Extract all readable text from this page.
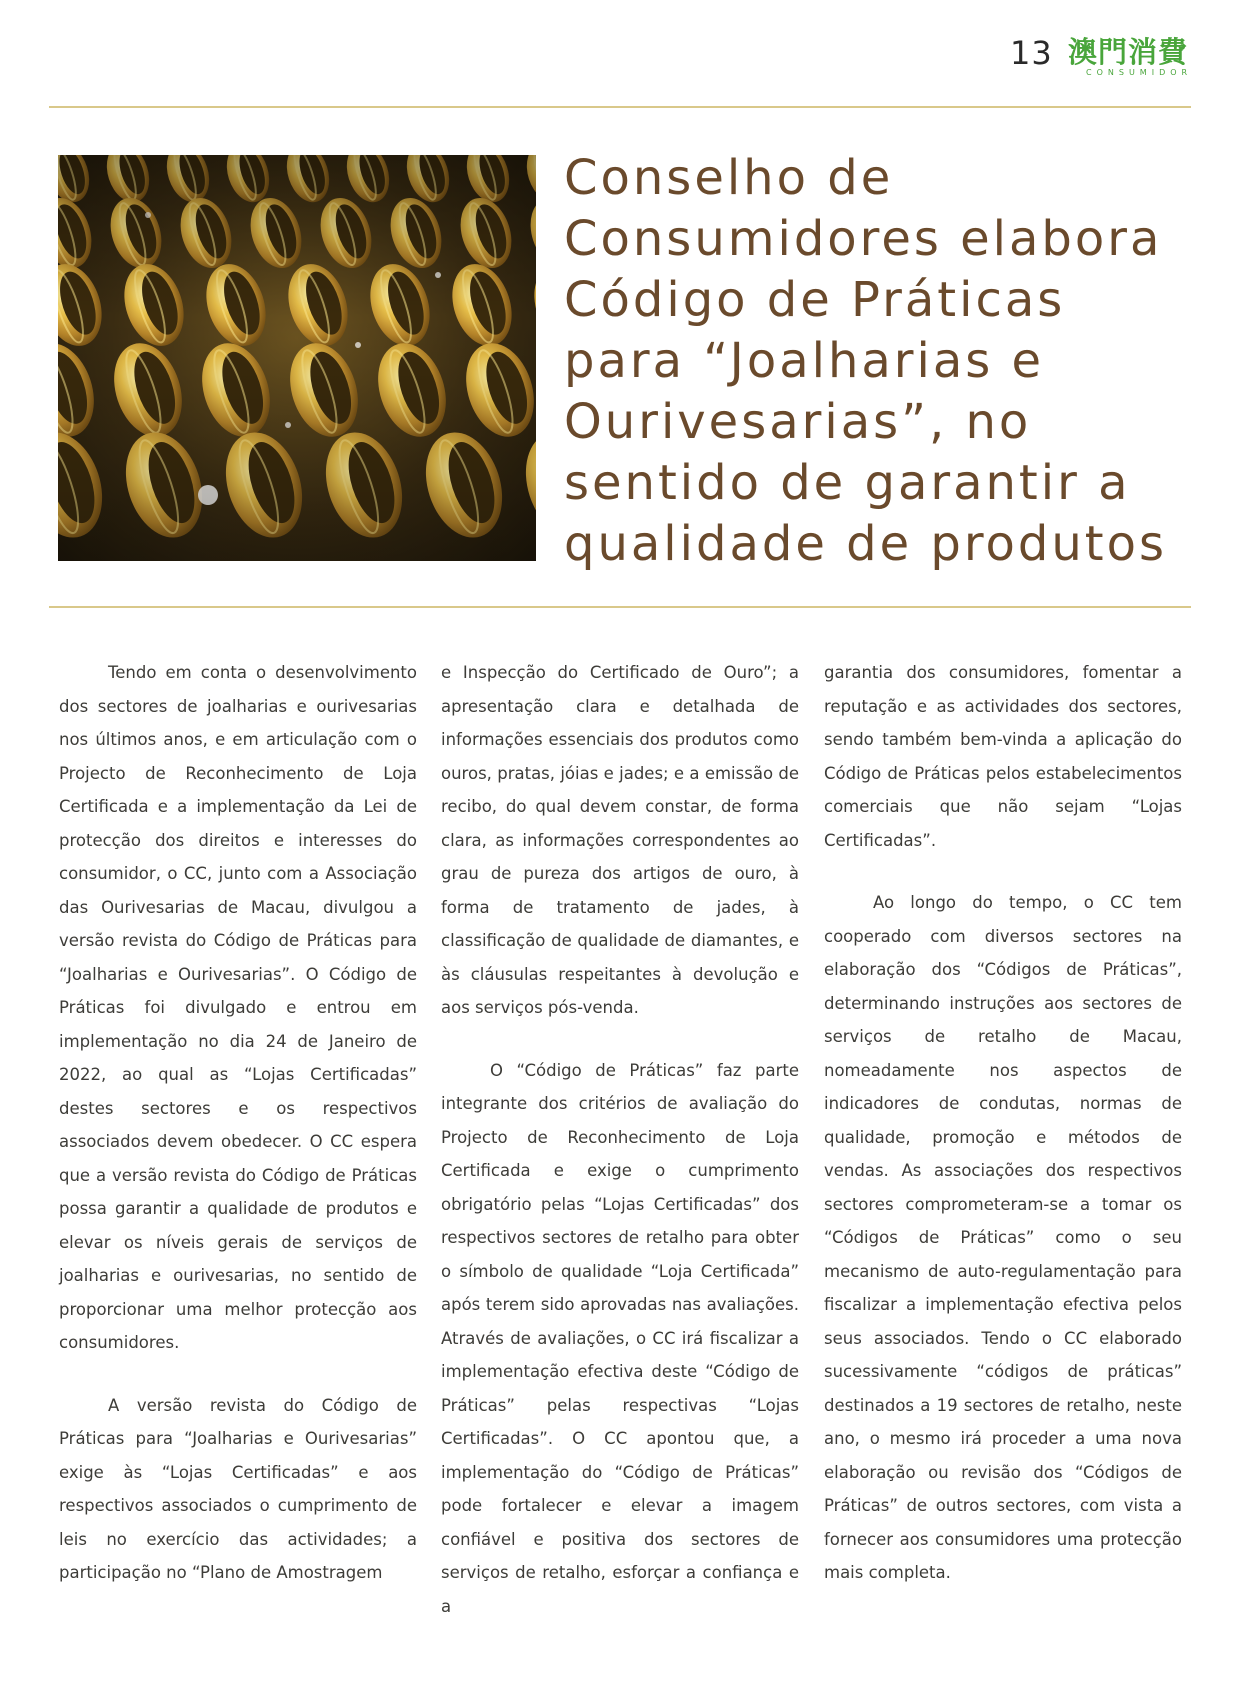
13 澳門消費
CONSUMIDOR
Conselho de
Consumidores elabora
Código de Práticas
para “Joalharias e
Ourivesarias”, no
sentido de garantir a
qualidade de produtos

Tendo em conta o desenvolvimento dos sectores de joalharias e ourivesarias nos últimos anos, e em articulação com o Projecto de Reconhecimento de Loja Certificada e a implementação da Lei de protecção dos direitos e interesses do consumidor, o CC, junto com a Associação das Ourivesarias de Macau, divulgou a versão revista do Código de Práticas para “Joalharias e Ourivesarias”. O Código de Práticas foi divulgado e entrou em implementação no dia 24 de Janeiro de 2022, ao qual as “Lojas Certificadas” destes sectores e os respectivos associados devem obedecer. O CC espera que a versão revista do Código de Práticas possa garantir a qualidade de produtos e elevar os níveis gerais de serviços de joalharias e ourivesarias, no sentido de proporcionar uma melhor protecção aos consumidores.

A versão revista do Código de Práticas para “Joalharias e Ourivesarias” exige às “Lojas Certificadas” e aos respectivos associados o cumprimento de leis no exercício das actividades; a participação no “Plano de Amostragem

e Inspecção do Certificado de Ouro”; a apresentação clara e detalhada de informações essenciais dos produtos como ouros, pratas, jóias e jades; e a emissão de recibo, do qual devem constar, de forma clara, as informações correspondentes ao grau de pureza dos artigos de ouro, à forma de tratamento de jades, à classificação de qualidade de diamantes, e às cláusulas respeitantes à devolução e aos serviços pós-venda.

O “Código de Práticas” faz parte integrante dos critérios de avaliação do Projecto de Reconhecimento de Loja Certificada e exige o cumprimento obrigatório pelas “Lojas Certificadas” dos respectivos sectores de retalho para obter o símbolo de qualidade “Loja Certificada” após terem sido aprovadas nas avaliações. Através de avaliações, o CC irá fiscalizar a implementação efectiva deste “Código de Práticas” pelas respectivas “Lojas Certificadas”. O CC apontou que, a implementação do “Código de Práticas” pode fortalecer e elevar a imagem confiável e positiva dos sectores de serviços de retalho, esforçar a confiança e a

garantia dos consumidores, fomentar a reputação e as actividades dos sectores, sendo também bem-vinda a aplicação do Código de Práticas pelos estabelecimentos comerciais que não sejam “Lojas Certificadas”.

Ao longo do tempo, o CC tem cooperado com diversos sectores na elaboração dos “Códigos de Práticas”, determinando instruções aos sectores de serviços de retalho de Macau, nomeadamente nos aspectos de indicadores de condutas, normas de qualidade, promoção e métodos de vendas. As associações dos respectivos sectores comprometeram-se a tomar os “Códigos de Práticas” como o seu mecanismo de auto-regulamentação para fiscalizar a implementação efectiva pelos seus associados. Tendo o CC elaborado sucessivamente “códigos de práticas” destinados a 19 sectores de retalho, neste ano, o mesmo irá proceder a uma nova elaboração ou revisão dos “Códigos de Práticas” de outros sectores, com vista a fornecer aos consumidores uma protecção mais completa.
